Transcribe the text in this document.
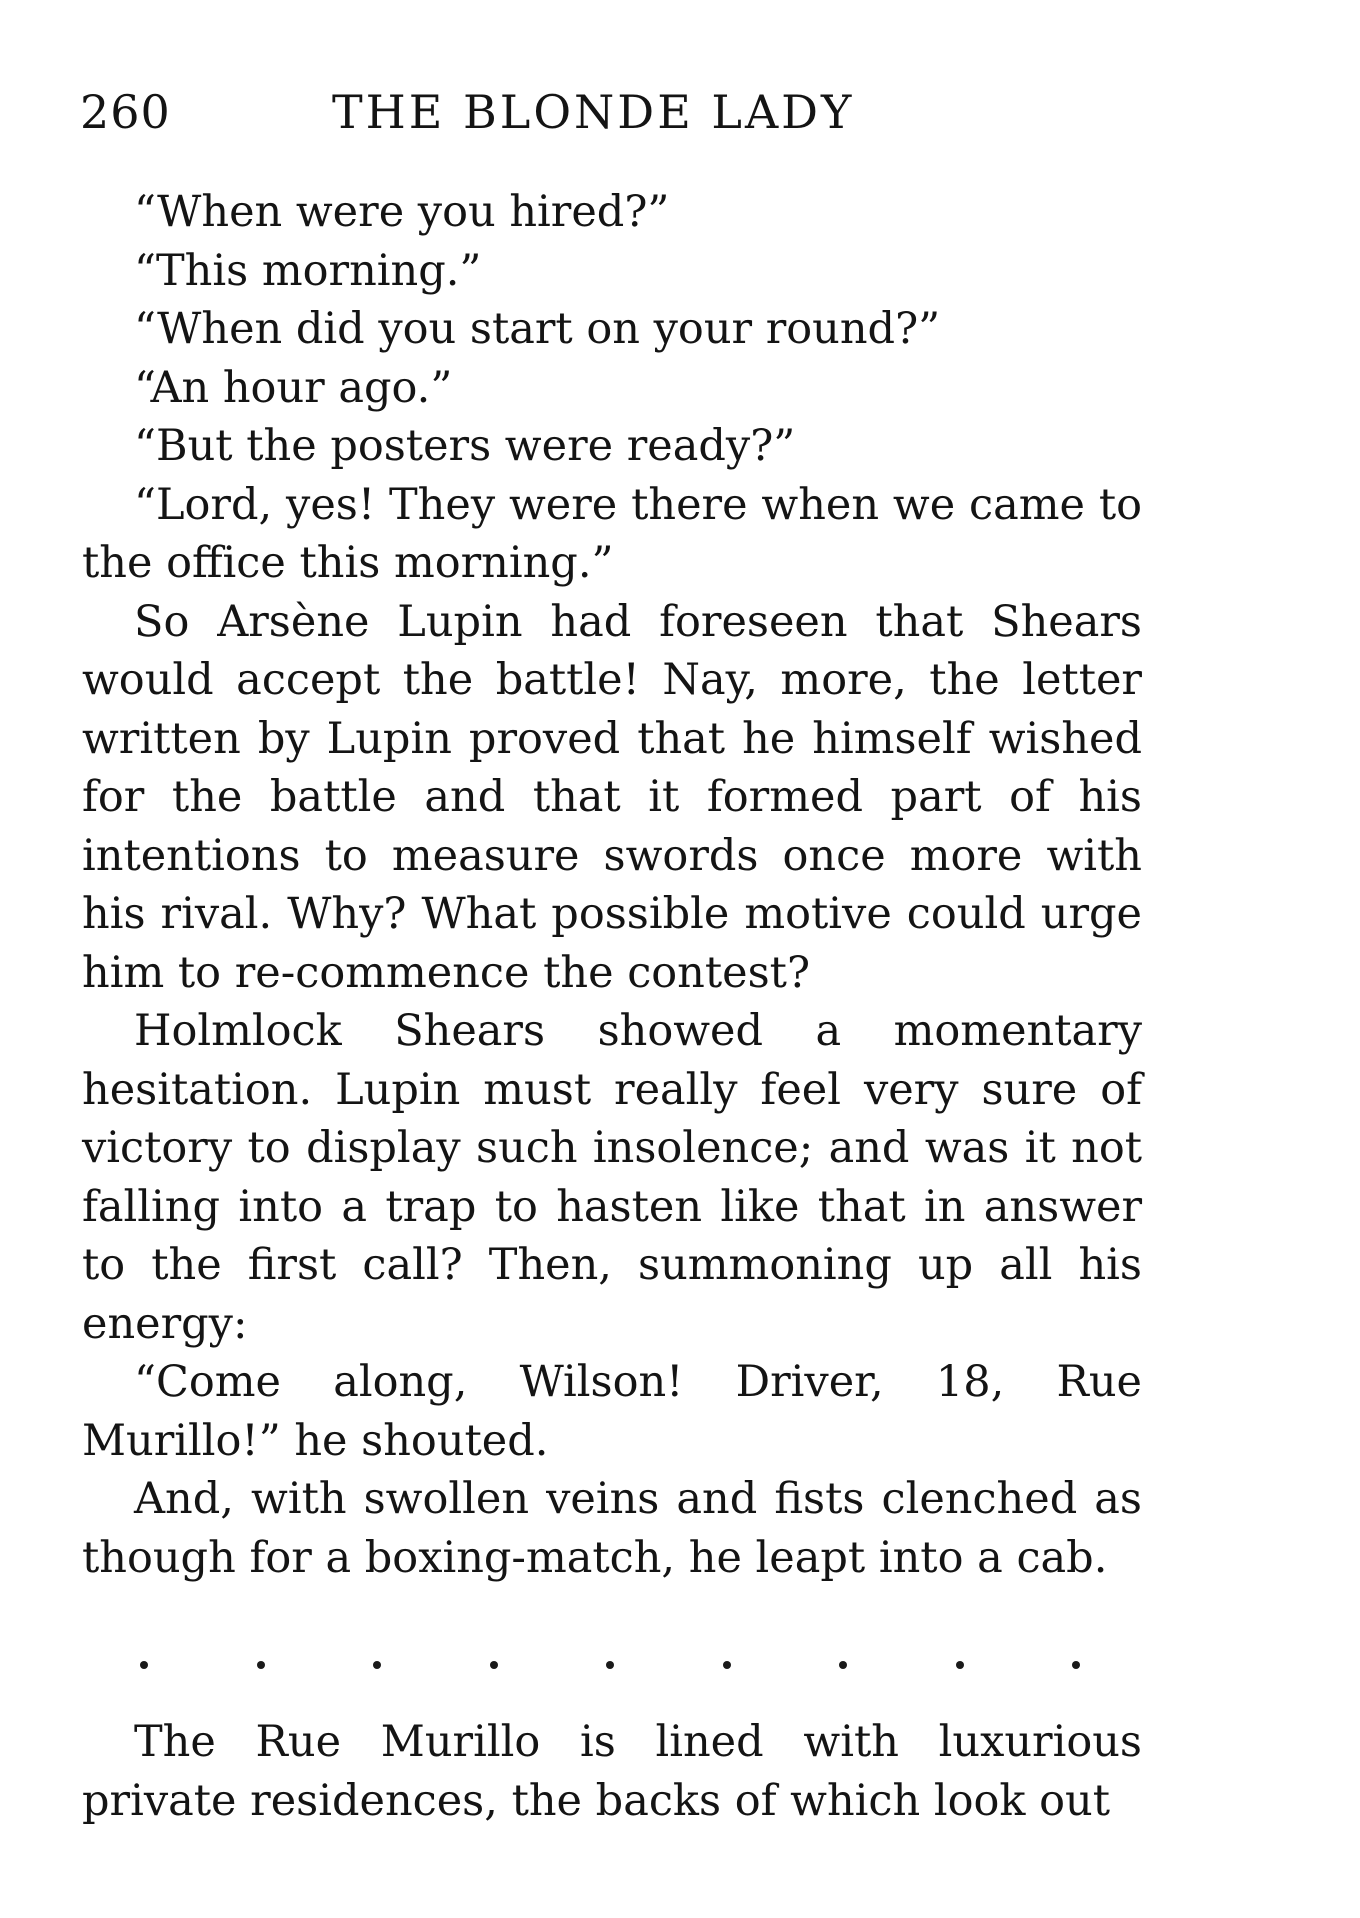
260	THE BLONDE LADY

“When were you hired?”

“This morning.”

“When did you start on your round?”

“An hour ago.”

“But the posters were ready?”

“Lord, yes! They were there when we came to the office this morning.”

So Arsène Lupin had foreseen that Shears would accept the battle! Nay, more, the letter written by Lupin proved that he himself wished for the battle and that it formed part of his intentions to measure swords once more with his rival. Why? What possible motive could urge him to re-commence the contest?

Holmlock Shears showed a momentary hesitation. Lupin must really feel very sure of victory to display such insolence; and was it not falling into a trap to hasten like that in answer to the first call? Then, summoning up all his energy:

“Come along, Wilson! Driver, 18, Rue Murillo!” he shouted.

And, with swollen veins and fists clenched as though for a boxing-match, he leapt into a cab.

The Rue Murillo is lined with luxurious private residences, the backs of which look out
